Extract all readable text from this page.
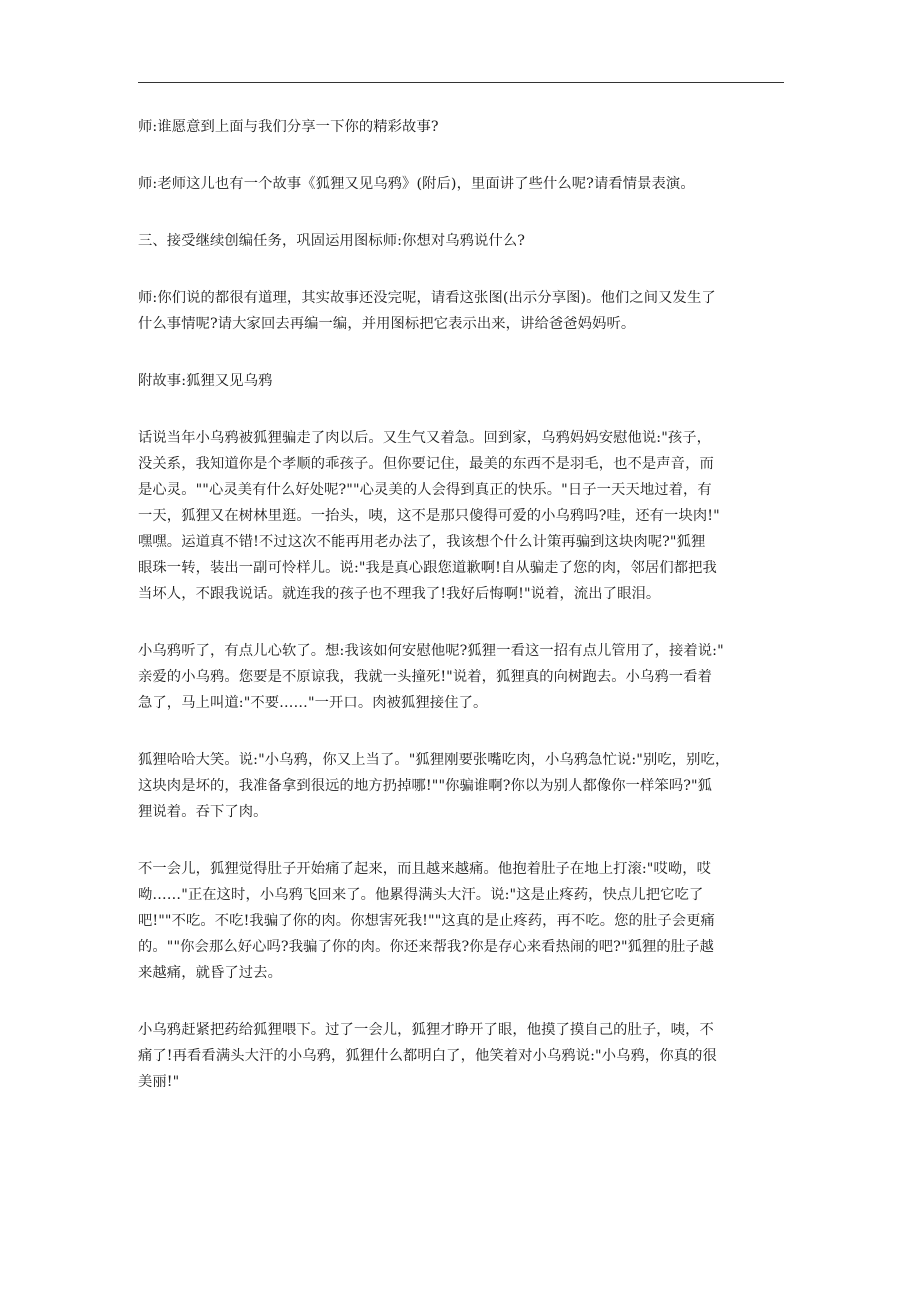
师:谁愿意到上面与我们分享一下你的精彩故事?
师:老师这儿也有一个故事《狐狸又见乌鸦》(附后)，里面讲了些什么呢?请看情景表演。
三、接受继续创编任务，巩固运用图标师:你想对乌鸦说什么?
师:你们说的都很有道理，其实故事还没完呢，请看这张图(出示分享图)。他们之间又发生了
什么事情呢?请大家回去再编一编，并用图标把它表示出来，讲给爸爸妈妈听。
附故事:狐狸又见乌鸦
话说当年小乌鸦被狐狸骗走了肉以后。又生气又着急。回到家，乌鸦妈妈安慰他说:"孩子，
没关系，我知道你是个孝顺的乖孩子。但你要记住，最美的东西不是羽毛，也不是声音，而
是心灵。""心灵美有什么好处呢?""心灵美的人会得到真正的快乐。"日子一天天地过着，有
一天，狐狸又在树林里逛。一抬头，咦，这不是那只傻得可爱的小乌鸦吗?哇，还有一块肉!"
嘿嘿。运道真不错!不过这次不能再用老办法了，我该想个什么计策再骗到这块肉呢?"狐狸
眼珠一转，装出一副可怜样儿。说:"我是真心跟您道歉啊!自从骗走了您的肉，邻居们都把我
当坏人，不跟我说话。就连我的孩子也不理我了!我好后悔啊!"说着，流出了眼泪。
小乌鸦听了，有点儿心软了。想:我该如何安慰他呢?狐狸一看这一招有点儿管用了，接着说:"
亲爱的小乌鸦。您要是不原谅我，我就一头撞死!"说着，狐狸真的向树跑去。小乌鸦一看着
急了，马上叫道:"不要……"一开口。肉被狐狸接住了。
狐狸哈哈大笑。说:"小乌鸦，你又上当了。"狐狸刚要张嘴吃肉，小乌鸦急忙说:"别吃，别吃，
这块肉是坏的，我准备拿到很远的地方扔掉哪!""你骗谁啊?你以为别人都像你一样笨吗?"狐
狸说着。吞下了肉。
不一会儿，狐狸觉得肚子开始痛了起来，而且越来越痛。他抱着肚子在地上打滚:"哎呦，哎
呦……"正在这时，小乌鸦飞回来了。他累得满头大汗。说:"这是止疼药，快点儿把它吃了
吧!""不吃。不吃!我骗了你的肉。你想害死我!""这真的是止疼药，再不吃。您的肚子会更痛
的。""你会那么好心吗?我骗了你的肉。你还来帮我?你是存心来看热闹的吧?"狐狸的肚子越
来越痛，就昏了过去。
小乌鸦赶紧把药给狐狸喂下。过了一会儿，狐狸才睁开了眼，他摸了摸自己的肚子，咦，不
痛了!再看看满头大汗的小乌鸦，狐狸什么都明白了，他笑着对小乌鸦说:"小乌鸦，你真的很
美丽!"
